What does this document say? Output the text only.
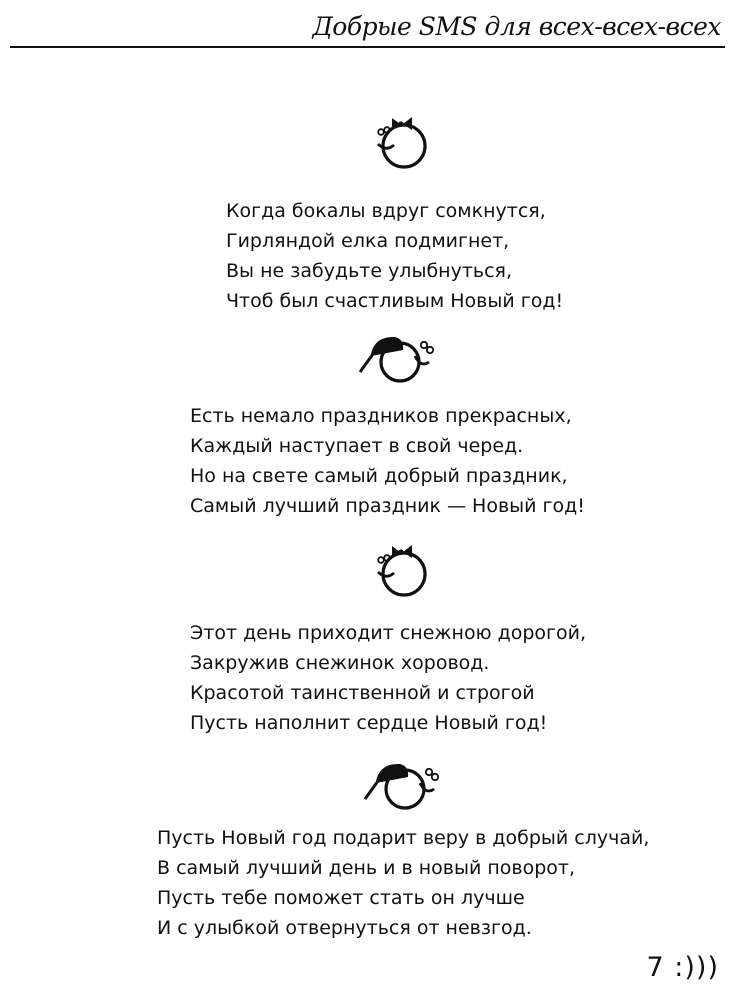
Добрые SMS для всех-всех-всех
Когда бокалы вдруг сомкнутся,
Гирляндой елка подмигнет,
Вы не забудьте улыбнуться,
Чтоб был счастливым Новый год!
Есть немало праздников прекрасных,
Каждый наступает в свой черед.
Но на свете самый добрый праздник,
Самый лучший праздник — Новый год!
Этот день приходит снежною дорогой,
Закружив снежинок хоровод.
Красотой таинственной и строгой
Пусть наполнит сердце Новый год!
Пусть Новый год подарит веру в добрый случай,
В самый лучший день и в новый поворот,
Пусть тебе поможет стать он лучше
И с улыбкой отвернуться от невзгод.
7 :)))
